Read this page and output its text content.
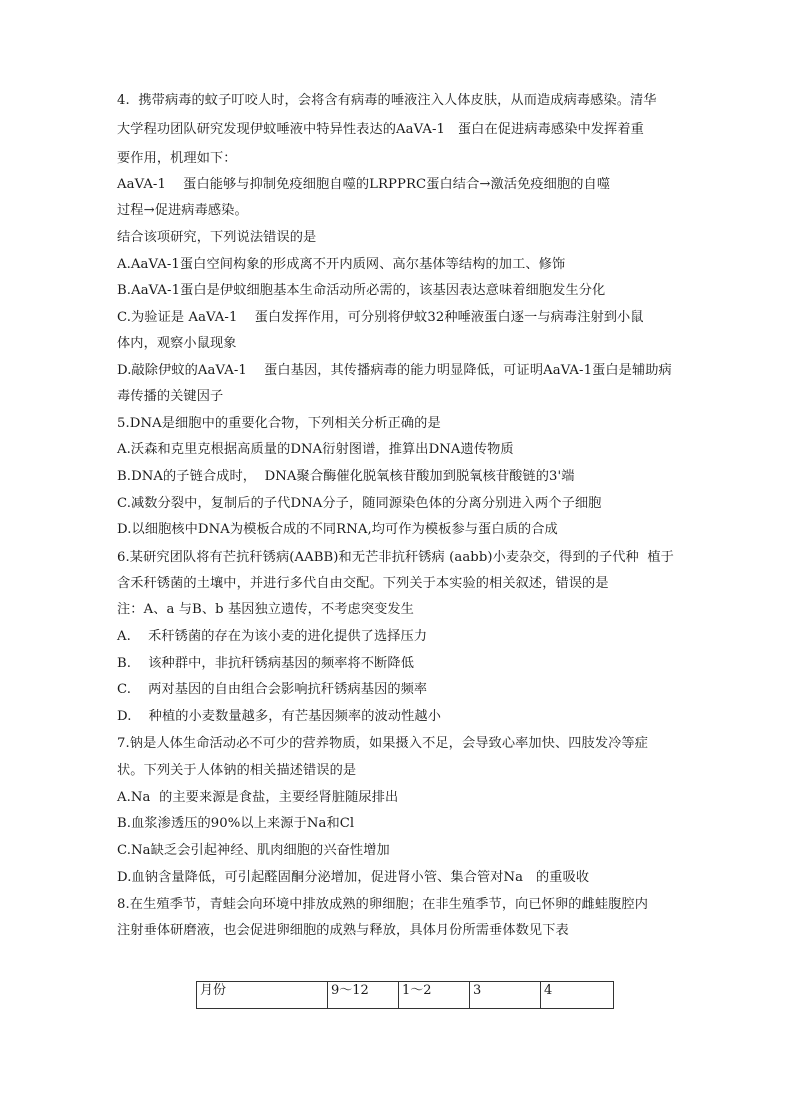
4.  携带病毒的蚊子叮咬人时，会将含有病毒的唾液注入人体皮肤，从而造成病毒感染。清华
大学程功团队研究发现伊蚊唾液中特异性表达的AaVA-1   蛋白在促进病毒感染中发挥着重
要作用，机理如下：
AaVA-1    蛋白能够与抑制免疫细胞自噬的LRPPRC蛋白结合→激活免疫细胞的自噬
过程→促进病毒感染。
结合该项研究，下列说法错误的是
A.AaVA-1蛋白空间构象的形成离不开内质网、高尔基体等结构的加工、修饰
B.AaVA-1蛋白是伊蚊细胞基本生命活动所必需的，该基因表达意味着细胞发生分化
C.为验证是 AaVA-1    蛋白发挥作用，可分别将伊蚊32种唾液蛋白逐一与病毒注射到小鼠
体内，观察小鼠现象
D.敲除伊蚊的AaVA-1    蛋白基因，其传播病毒的能力明显降低，可证明AaVA-1蛋白是辅助病
毒传播的关键因子
5.DNA是细胞中的重要化合物，下列相关分析正确的是
A.沃森和克里克根据高质量的DNA衍射图谱，推算出DNA遗传物质
B.DNA的子链合成时，  DNA聚合酶催化脱氧核苷酸加到脱氧核苷酸链的3'端
C.减数分裂中，复制后的子代DNA分子，随同源染色体的分离分别进入两个子细胞
D.以细胞核中DNA为模板合成的不同RNA,均可作为模板参与蛋白质的合成
6.某研究团队将有芒抗秆锈病(AABB)和无芒非抗秆锈病 (aabb)小麦杂交，得到的子代种  植于
含禾秆锈菌的土壤中，并进行多代自由交配。下列关于本实验的相关叙述，错误的是
注：A、a 与B、b 基因独立遗传，不考虑突变发生
A.    禾秆锈菌的存在为该小麦的进化提供了选择压力
B.    该种群中，非抗秆锈病基因的频率将不断降低
C.    两对基因的自由组合会影响抗秆锈病基因的频率
D.    种植的小麦数量越多，有芒基因频率的波动性越小
7.钠是人体生命活动必不可少的营养物质，如果摄入不足，会导致心率加快、四肢发冷等症
状。下列关于人体钠的相关描述错误的是
A.Na  的主要来源是食盐，主要经肾脏随尿排出
B.血浆渗透压的90%以上来源于Na和Cl
C.Na缺乏会引起神经、肌肉细胞的兴奋性增加
D.血钠含量降低，可引起醛固酮分泌增加，促进肾小管、集合管对Na   的重吸收
8.在生殖季节，青蛙会向环境中排放成熟的卵细胞；在非生殖季节，向已怀卵的雌蛙腹腔内
注射垂体研磨液，也会促进卵细胞的成熟与释放，具体月份所需垂体数见下表
月份	9～12	1～2	3	4
